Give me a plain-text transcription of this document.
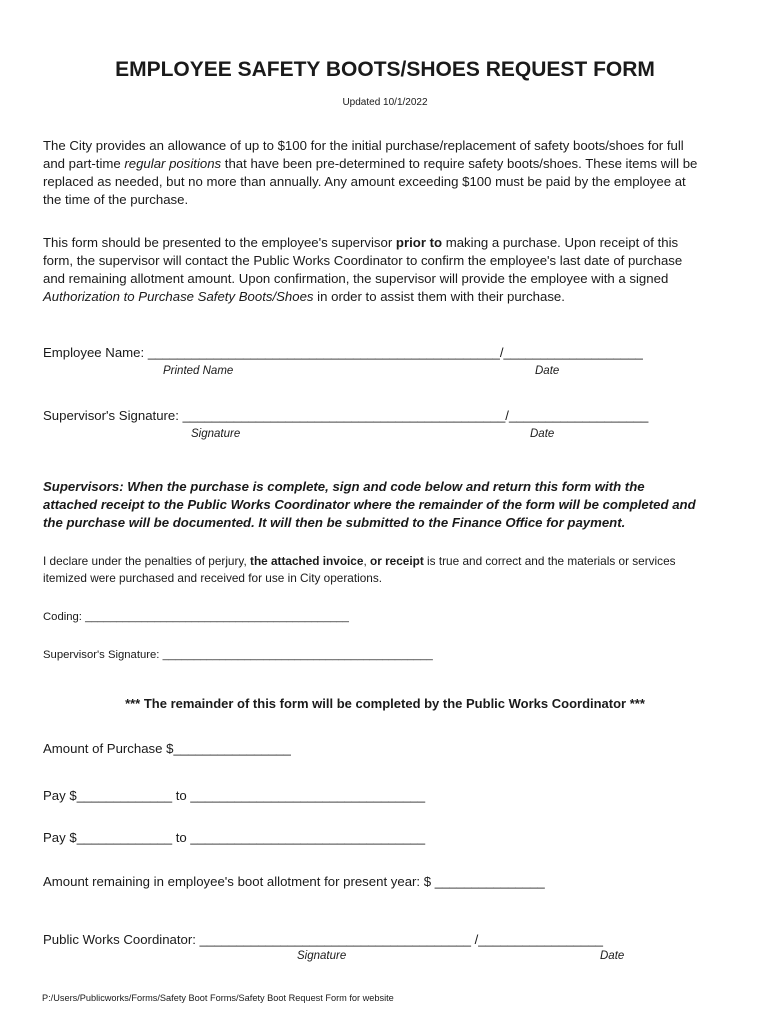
EMPLOYEE SAFETY BOOTS/SHOES REQUEST FORM
Updated 10/1/2022

The City provides an allowance of up to $100 for the initial purchase/replacement of safety boots/shoes for full

and part-time regular positions that have been pre-determined to require safety boots/shoes. These items will be

replaced as needed, but no more than annually. Any amount exceeding $100 must be paid by the employee at

the time of the purchase.

This form should be presented to the employee's supervisor prior to making a purchase. Upon receipt of this

form, the supervisor will contact the Public Works Coordinator to confirm the employee's last date of purchase

and remaining allotment amount. Upon confirmation, the supervisor will provide the employee with a signed

Authorization to Purchase Safety Boots/Shoes in order to assist them with their purchase.

Employee Name: ________________________________________________/___________________
Printed Name	Date
Supervisor's Signature: ____________________________________________/___________________
Signature	Date

Supervisors: When the purchase is complete, sign and code below and return this form with the

attached receipt to the Public Works Coordinator where the remainder of the form will be completed and

the purchase will be documented. It will then be submitted to the Finance Office for payment.

I declare under the penalties of perjury, the attached invoice, or receipt is true and correct and the materials or services

itemized were purchased and received for use in City operations.

Coding: __________________________________________
Supervisor's Signature: ___________________________________________
*** The remainder of this form will be completed by the Public Works Coordinator ***
Amount of Purchase $________________
Pay $_____________ to ________________________________
Pay $_____________ to ________________________________
Amount remaining in employee's boot allotment for present year: $ _______________
Public Works Coordinator: _____________________________________ /_________________
Signature	Date
P:/Users/Publicworks/Forms/Safety Boot Forms/Safety Boot Request Form for website
